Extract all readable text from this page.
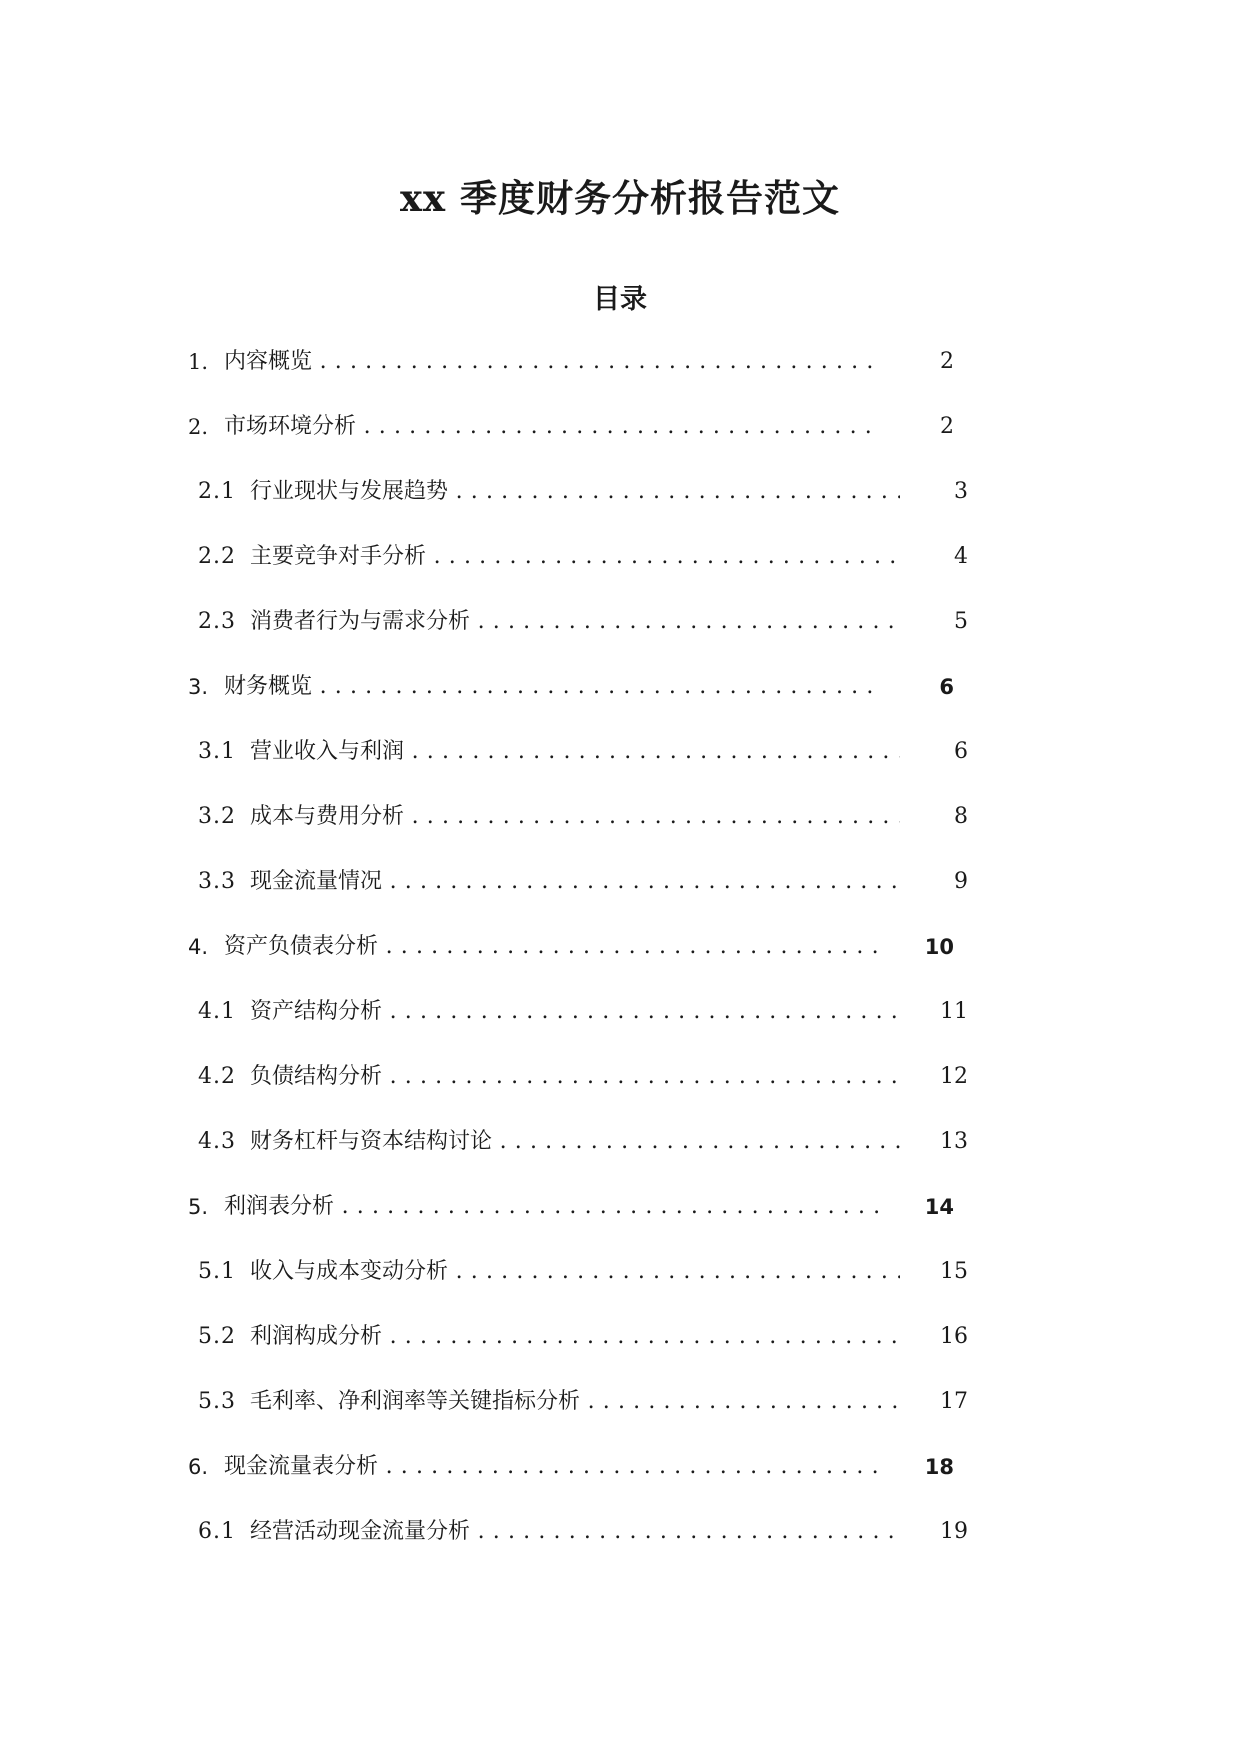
xx 季度财务分析报告范文
目录
1. 内容概览 . . .	2
2. 市场环境分析 . . .	2
2.1 行业现状与发展趋势 . . .	3
2.2 主要竞争对手分析 . . .	4
2.3 消费者行为与需求分析 . . .	5
3. 财务概览 . . .	6
3.1 营业收入与利润 . . .	6
3.2 成本与费用分析 . . .	8
3.3 现金流量情况 . . .	9
4. 资产负债表分析 . . .	10
4.1 资产结构分析 . . .	11
4.2 负债结构分析 . . .	12
4.3 财务杠杆与资本结构讨论 . . .	13
5. 利润表分析 . . .	14
5.1 收入与成本变动分析 . . .	15
5.2 利润构成分析 . . .	16
5.3 毛利率、净利润率等关键指标分析 . . .	17
6. 现金流量表分析 . . .	18
6.1 经营活动现金流量分析 . . .	19
